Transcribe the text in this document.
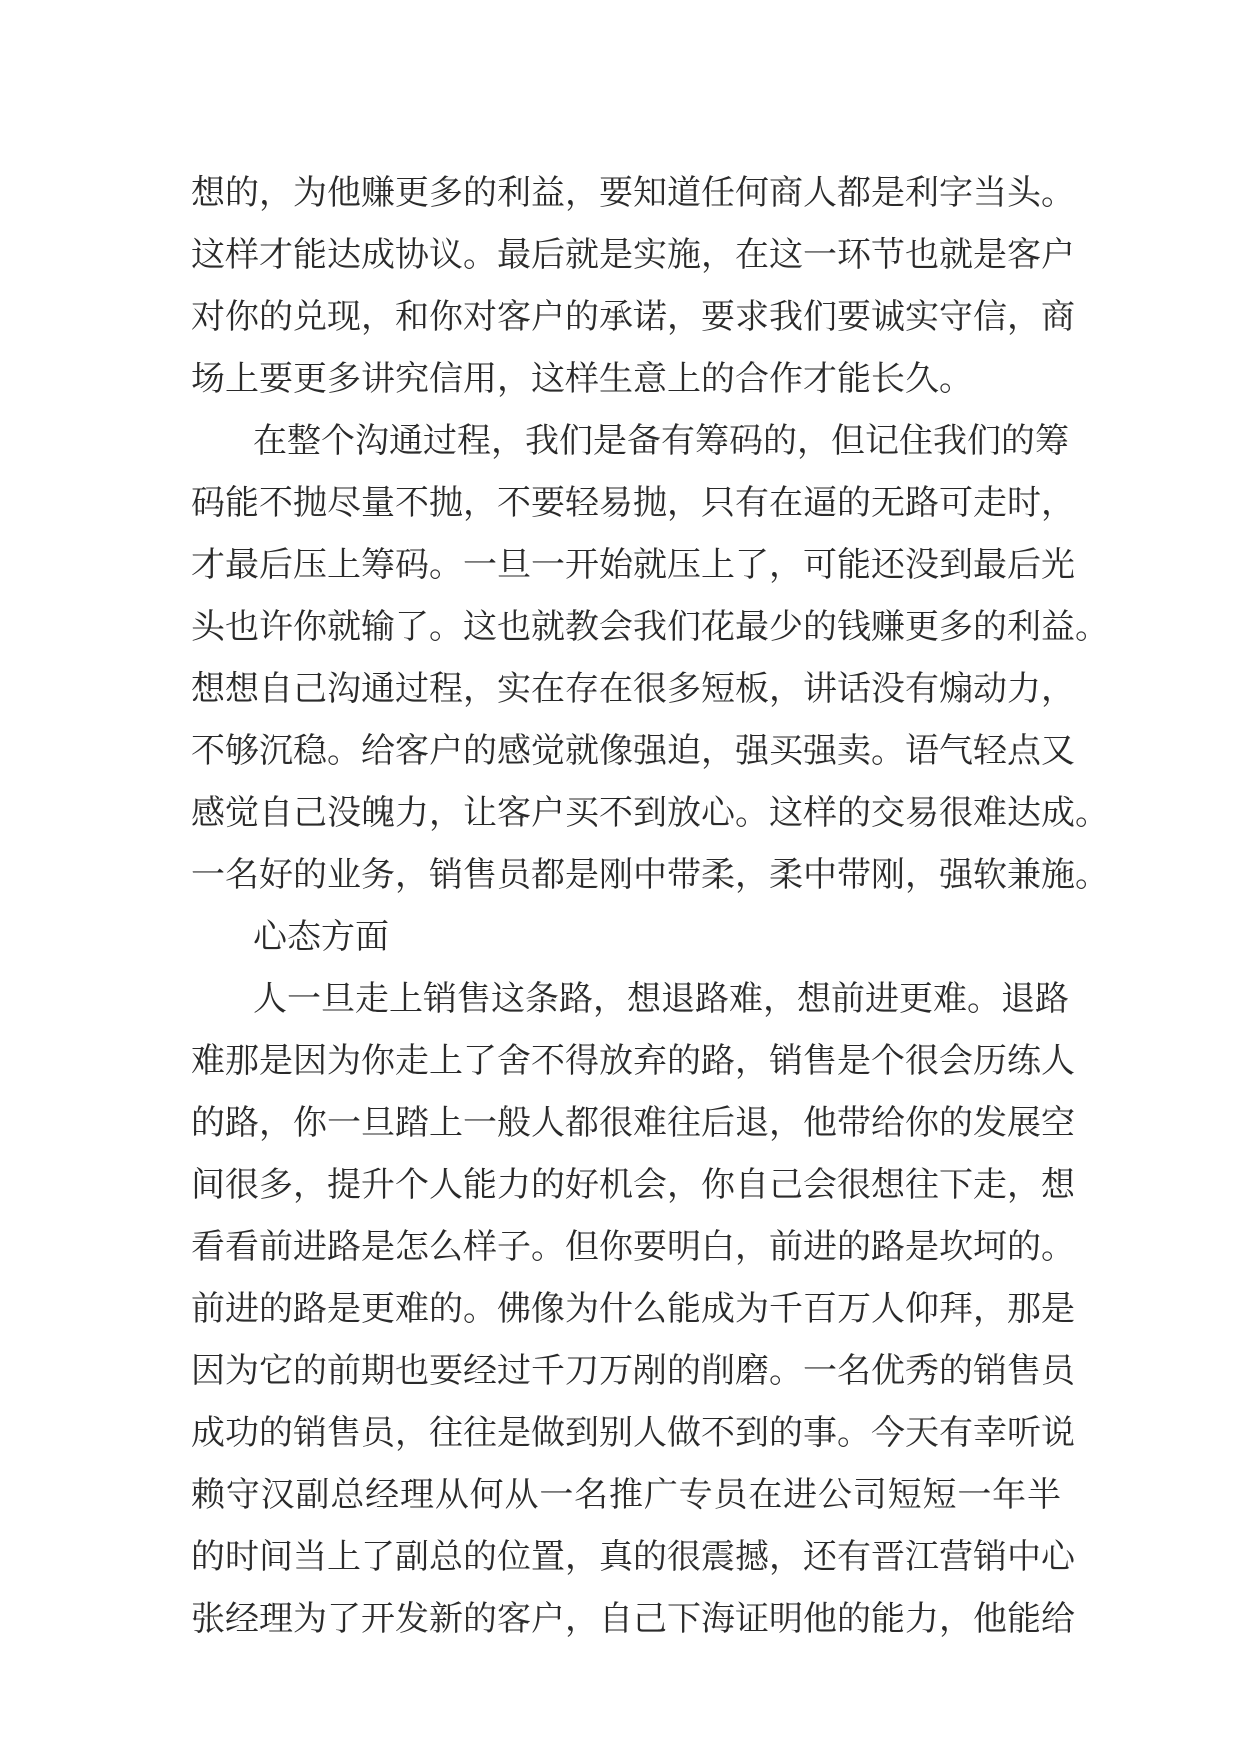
想的，为他赚更多的利益，要知道任何商人都是利字当头。
这样才能达成协议。最后就是实施，在这一环节也就是客户
对你的兑现，和你对客户的承诺，要求我们要诚实守信，商
场上要更多讲究信用，这样生意上的合作才能长久。
在整个沟通过程，我们是备有筹码的，但记住我们的筹
码能不抛尽量不抛，不要轻易抛，只有在逼的无路可走时，
才最后压上筹码。一旦一开始就压上了，可能还没到最后光
头也许你就输了。这也就教会我们花最少的钱赚更多的利益。
想想自己沟通过程，实在存在很多短板，讲话没有煽动力，
不够沉稳。给客户的感觉就像强迫，强买强卖。语气轻点又
感觉自己没魄力，让客户买不到放心。这样的交易很难达成。
一名好的业务，销售员都是刚中带柔，柔中带刚，强软兼施。
心态方面
人一旦走上销售这条路，想退路难，想前进更难。退路
难那是因为你走上了舍不得放弃的路，销售是个很会历练人
的路，你一旦踏上一般人都很难往后退，他带给你的发展空
间很多，提升个人能力的好机会，你自己会很想往下走，想
看看前进路是怎么样子。但你要明白，前进的路是坎坷的。
前进的路是更难的。佛像为什么能成为千百万人仰拜，那是
因为它的前期也要经过千刀万剐的削磨。一名优秀的销售员
成功的销售员，往往是做到别人做不到的事。今天有幸听说
赖守汉副总经理从何从一名推广专员在进公司短短一年半
的时间当上了副总的位置，真的很震撼，还有晋江营销中心
张经理为了开发新的客户，自己下海证明他的能力，他能给
